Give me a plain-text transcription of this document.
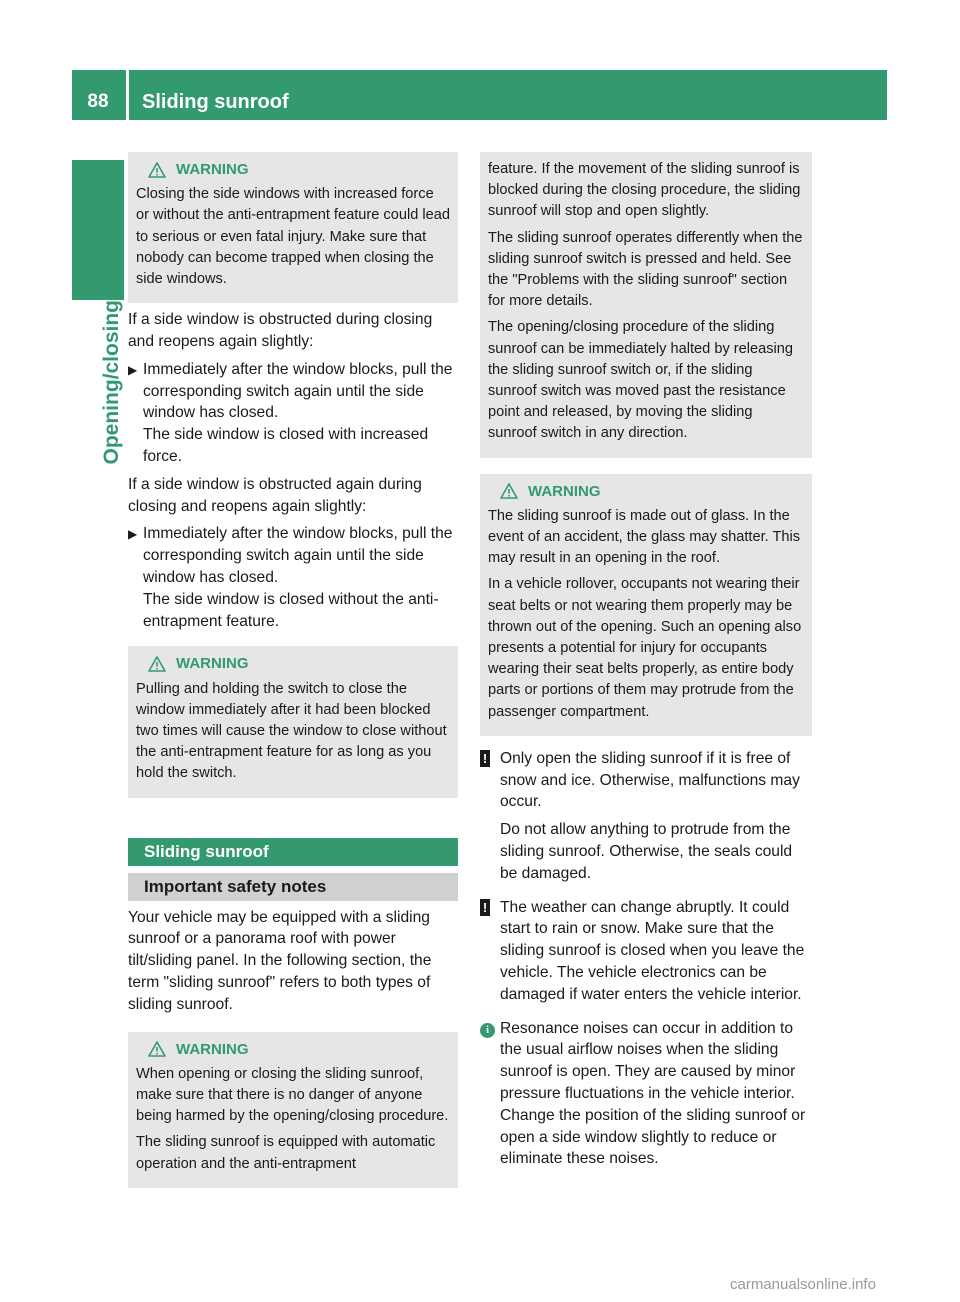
88	Sliding sunroof
Opening/closing
WARNING

Closing the side windows with increased force or without the anti-entrapment feature could lead to serious or even fatal injury. Make sure that nobody can become trapped when closing the side windows.

If a side window is obstructed during closing and reopens again slightly:

▶ Immediately after the window blocks, pull the corresponding switch again until the side window has closed.
The side window is closed with increased force.

If a side window is obstructed again during closing and reopens again slightly:

▶ Immediately after the window blocks, pull the corresponding switch again until the side window has closed.
The side window is closed without the anti-entrapment feature.
WARNING

Pulling and holding the switch to close the window immediately after it had been blocked two times will cause the window to close without the anti-entrapment feature for as long as you hold the switch.

Sliding sunroof
Important safety notes

Your vehicle may be equipped with a sliding sunroof or a panorama roof with power tilt/sliding panel. In the following section, the term "sliding sunroof" refers to both types of sliding sunroof.

WARNING

When opening or closing the sliding sunroof, make sure that there is no danger of anyone being harmed by the opening/closing procedure.

The sliding sunroof is equipped with automatic operation and the anti-entrapment

feature. If the movement of the sliding sunroof is blocked during the closing procedure, the sliding sunroof will stop and open slightly.

The sliding sunroof operates differently when the sliding sunroof switch is pressed and held. See the "Problems with the sliding sunroof" section for more details.

The opening/closing procedure of the sliding sunroof can be immediately halted by releasing the sliding sunroof switch or, if the sliding sunroof switch was moved past the resistance point and released, by moving the sliding sunroof switch in any direction.

WARNING

The sliding sunroof is made out of glass. In the event of an accident, the glass may shatter. This may result in an opening in the roof.

In a vehicle rollover, occupants not wearing their seat belts or not wearing them properly may be thrown out of the opening. Such an opening also presents a potential for injury for occupants wearing their seat belts properly, as entire body parts or portions of them may protrude from the passenger compartment.

! Only open the sliding sunroof if it is free of snow and ice. Otherwise, malfunctions may occur.

Do not allow anything to protrude from the sliding sunroof. Otherwise, the seals could be damaged.

! The weather can change abruptly. It could start to rain or snow. Make sure that the sliding sunroof is closed when you leave the vehicle. The vehicle electronics can be damaged if water enters the vehicle interior.

i Resonance noises can occur in addition to the usual airflow noises when the sliding sunroof is open. They are caused by minor pressure fluctuations in the vehicle interior. Change the position of the sliding sunroof or open a side window slightly to reduce or eliminate these noises.

carmanualsonline.info
